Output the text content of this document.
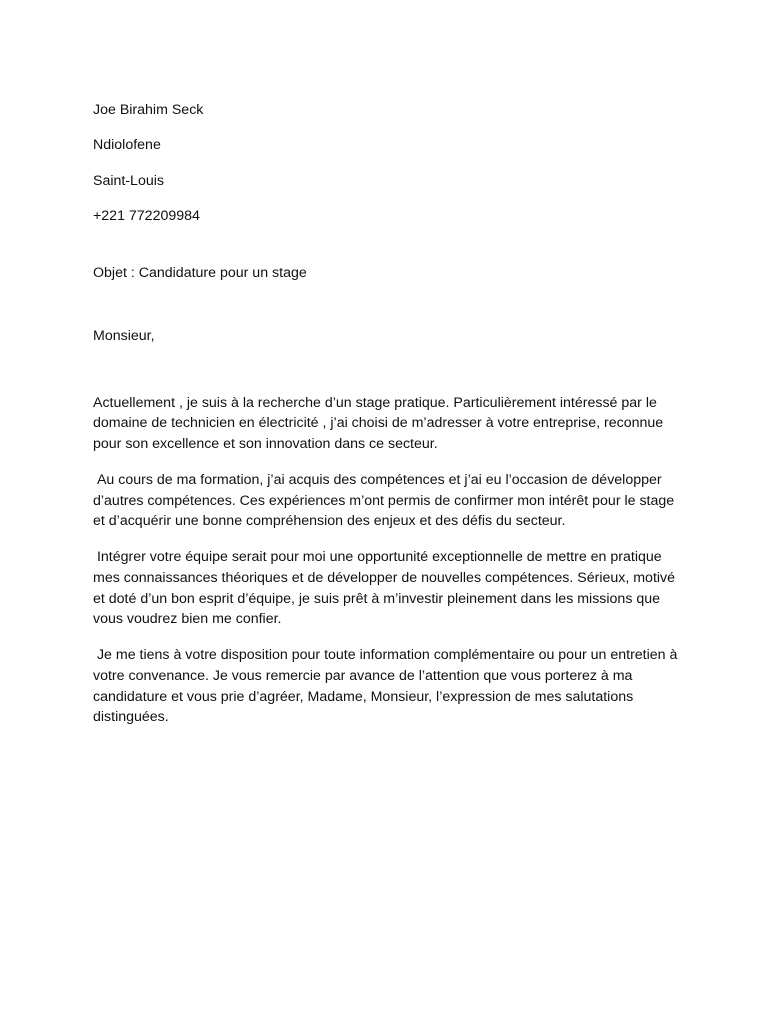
Joe Birahim Seck

Ndiolofene

Saint-Louis

+221 772209984

Objet : Candidature pour un stage

Monsieur,

Actuellement , je suis à la recherche d’un stage pratique. Particulièrement intéressé par le domaine de technicien en électricité , j’ai choisi de m’adresser à votre entreprise, reconnue pour son excellence et son innovation dans ce secteur.

Au cours de ma formation, j’ai acquis des compétences et j’ai eu l’occasion de développer d’autres compétences. Ces expériences m’ont permis de confirmer mon intérêt pour le stage et d’acquérir une bonne compréhension des enjeux et des défis du secteur.

Intégrer votre équipe serait pour moi une opportunité exceptionnelle de mettre en pratique mes connaissances théoriques et de développer de nouvelles compétences. Sérieux, motivé et doté d’un bon esprit d’équipe, je suis prêt à m’investir pleinement dans les missions que vous voudrez bien me confier.

Je me tiens à votre disposition pour toute information complémentaire ou pour un entretien à votre convenance. Je vous remercie par avance de l’attention que vous porterez à ma candidature et vous prie d’agréer, Madame, Monsieur, l’expression de mes salutations distinguées.
